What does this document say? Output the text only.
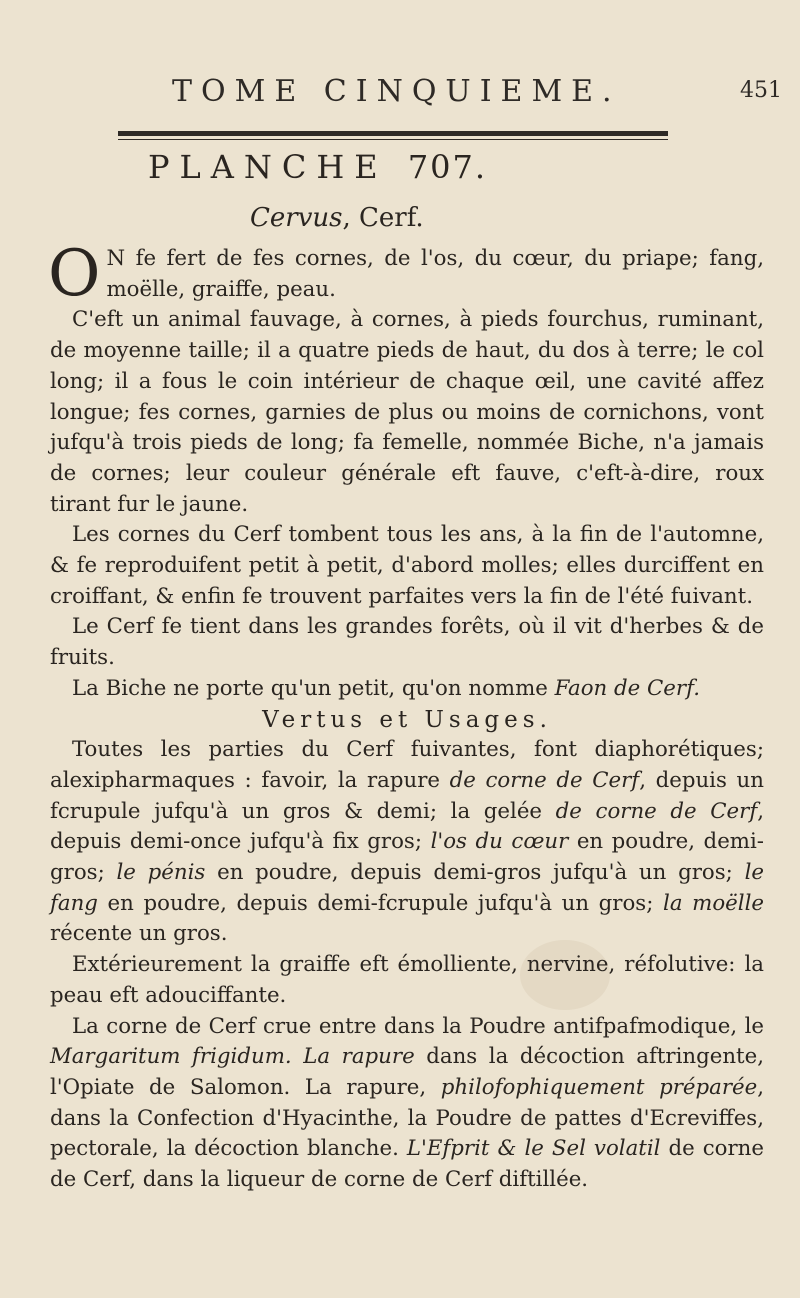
TOME CINQUIEME.	451
PLANCHE 707.
Cervus, Cerf.

O N fe fert de fes cornes, de l'os, du cœur, du priape; fang, moëlle, graiffe, peau.

C'eft un animal fauvage, à cornes, à pieds fourchus, ruminant, de moyenne taille; il a quatre pieds de haut, du dos à terre; le col long; il a fous le coin intérieur de chaque œil, une cavité affez longue; fes cornes, garnies de plus ou moins de cornichons, vont jufqu'à trois pieds de long; fa femelle, nommée Biche, n'a jamais de cornes; leur couleur générale eft fauve, c'eft-à-dire, roux tirant fur le jaune.

Les cornes du Cerf tombent tous les ans, à la fin de l'automne, & fe reproduifent petit à petit, d'abord molles; elles durciffent en croiffant, & enfin fe trouvent parfaites vers la fin de l'été fuivant.

Le Cerf fe tient dans les grandes forêts, où il vit d'herbes & de fruits.

La Biche ne porte qu'un petit, qu'on nomme Faon de Cerf.

Vertus et Usages.

Toutes les parties du Cerf fuivantes, font diaphorétiques; alexipharmaques : favoir, la rapure de corne de Cerf, depuis un fcrupule jufqu'à un gros & demi; la gelée de corne de Cerf, depuis demi-once jufqu'à fix gros; l'os du cœur en poudre, demi-gros; le pénis en poudre, depuis demi-gros jufqu'à un gros; le fang en poudre, depuis demi-fcrupule jufqu'à un gros; la moëlle récente un gros.

Extérieurement la graiffe eft émolliente, nervine, réfolutive: la peau eft adouciffante.

La corne de Cerf crue entre dans la Poudre antifpafmodique, le Margaritum frigidum. La rapure dans la décoction aftringente, l'Opiate de Salomon. La rapure, philofophiquement préparée, dans la Confection d'Hyacinthe, la Poudre de pattes d'Ecreviffes, pectorale, la décoction blanche. L'Efprit & le Sel volatil de corne de Cerf, dans la liqueur de corne de Cerf diftillée.
